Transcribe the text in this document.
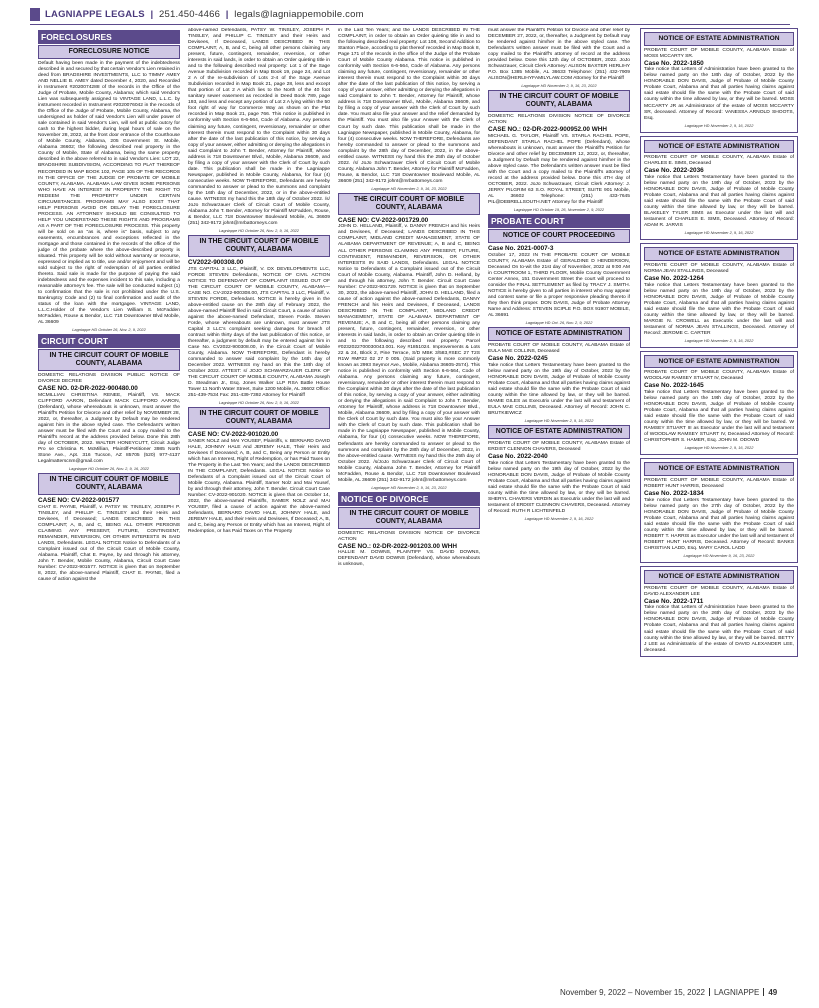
LAGNIAPPE LEGALS  |  251.450-4466  |  legals@lagniappemobile.com
FORECLOSURES
FORECLOSURE NOTICE
Default having been made in the payment of the indebtedness described in and secured by that certain Vendor's Lien retained in deed from BRADSHIRE INVESTMENTS, LLC to TIMMY AMEY AND NELLIE B. AMEY dated December 4, 2020, and Recorded in Instrument #2020074288 of the records in the Office of the Judge of Probate, Mobile County, Alabama; which said Vendor's Lien was subsequently assigned to VINTAGE LAND, L.L.C. by instrument recorded in Instrument #2020076042 in the records of the Office of the Judge of Probate, Mobile County, Alabama, the undersigned as holder of said Vendor's Lien will under power of sale contained in said Vendor's Lien, will sell at public outcry for cash to the highest bidder, during legal hours of sale on the November 28, 2022, at the front door entrance of the Courthouse of Mobile County, Alabama, 205 Government St. Mobile, Alabama 36602; the following described real property in the County of Mobile, State of Alabama, being the same property described in the above referred to in said Vendor's Lien: LOT 22, BRADSHIRE SUBDIVISION, ACCORDING TO PLAT THEREOF RECORDED IN MAP BOOK 102, PAGE 105 OF THE RECORDS IN THE OFFICE OF THE JUDGE OF PROBATE OF MOBILE COUNTY, ALABAMA. ALABAMA LAW GIVES SOME PERSONS WHO HAVE AN INTEREST IN PROPERTY THE RIGHT TO REDEEM THE PROPERTY UNDER CERTAIN CIRCUMSTANCES. PROGRAMS MAY ALSO EXIST THAT HELP PERSONS AVOID OR DELAY THE FORECLOSURE PROCESS. AN ATTORNEY SHOULD BE CONSULTED TO HELP YOU UNDERSTAND THESE RIGHTS AND PROGRAMS AS A PART OF THE FORECLOSURE PROCESS. This property will be sold on an "as is, where is" basis, subject to any easements, encumbrances and exceptions reflected in the mortgage and those contained in the records of the office of the judge of the probate where the above-described property is situated. This property will be sold without warranty or recourse, expressed or implied as to title, use and/or enjoyment and will be sold subject to the right of redemption of all parties entitled thereto. Said sale is made for the purpose of paying the said indebtedness and the expenses incident to this sale, including a reasonable attorney's fee. The sale will be conducted subject (1) to confirmation that the sale is not prohibited under the U.S. Bankruptcy Code and (2) to final confirmation and audit of the status of the loan with the mortgagee. VINTAGE LAND, L.L.C.Holder of the Vendor's Lien William S. McFadden McFadden, Rouse & Bendor, LLC 718 Downtowner Blvd Mobile, AL 36609
Lagniappe HD October 26, Nov. 2, 9, 2022
CIRCUIT COURT
IN THE CIRCUIT COURT OF MOBILE COUNTY, ALABAMA

DOMESTIC RELATIONS DIVISION PUBLIC NOTICE OF DIVORCE DECREE

CASE NO. 02-DR-2022-900480.00

MCMILLIAN CHRISTINA RENEE, Plaintiff, VS. MACK CLIFFORD AARON, Defendant MACK CLIFFORD AARON, (Defendant), whose whereabouts is unknown, must answer the Plaintiff's Petition for Divorce and other relief by NOVEMBER 28, 2022, or, thereafter, a Judgment by Default may be rendered against him in the above styled case. The Defendant's written answer must be filed with the Court and a copy mailed to the Plaintiff's record at the address provided below. Done this 28th day of OCTOBER, 2022. WALTER HONEYCUTT, Circuit Judge Pro se Christina R. McMillian, Plaintiff-Petitioner 3985 North Stone Ave., Apt. 316 Tucson, AZ 85705 (520) 977-4137 Legalmatterscnm@gmail.com

Lagniappe HD October 26, Nov. 2, 9, 16, 2022
IN THE CIRCUIT COURT OF MOBILE COUNTY, ALABAMA

CASE NO: CV-2022-901577

CHAT E. PAYNE, Plaintiff, v. PATSY W. TINSLEY, JOSEPH P. TINSLEY, and PHILLIP C. TINSLEY and their Heirs and Devisees, If Deceased; LANDS DESCRIBED IN THIS COMPLAINT; A, B, and C, BEING ALL OTHER PERSONS CLAIMING ANY PRESENT, FUTURE, CONTINGENT, REMAINDER, REVERSION, OR OTHER INTERESTS IN SAID LANDS, Defendants. LEGAL NOTICE Notice to Defendants of a Complaint issued out of the Circuit Court of Mobile County, Alabama. Plaintiff, Chat E. Payne, by and through his attorney, John T. Bender, Mobile County, Alabama, Circuit Court Case Number: CV-2022-901577. NOTICE is given that on September 8, 2022, the above-named Plaintiff, CHAT E. PAYNE, filed a cause of action against the

above-named Defendants, PATSY W. TINSLEY, JOSEPH P. TINSLEY, and PHILLIP C. TINSLEY and their Heirs and Devisees, If Deceased, LANDS DESCRIBED IN THIS COMPLAINT, A, B, and C, being all other persons claiming any present, future, contingent, remainder, reversion, or other interests in said lands, in order to obtain an Order quieting title in and to the following described real property: Lot 1 of the Sage Avenue Subdivision recorded in Map Book 19, page 24, and Lot 2 A of the re-subdivision of Lots 2-4 of the Sage Avenue Subdivision recorded in Map Book 21, page 28, less and except that portion of Lot 2 A which lies to the North of the 40 foot sanitary sewer easement as recorded in Deed Book 789, page 193, and less and except any portion of Lot 2 A lying within the 50 foot right of way for Commerce Way as shown on the Plat recorded in Map Book 21, page 766. This notice is published in conformity with Section 6-6-564, Code of Alabama. Any persons claiming any future, contingent, reversionary, remainder or other interest therein must respond to the Complaint within 30 days after the date of the last publication of this notice, by serving a copy of your answer, either admitting or denying the allegations in said Complaint to John T. Bender, Attorney for Plaintiff, whose address is 718 Downtowner Blvd., Mobile, Alabama 36609, and by filing a copy of your answer with the Clerk of Court by such date. This publication shall be made in the Lagniappe Newspaper, published in Mobile County, Alabama, for four (4) consecutive weeks. NOW THEREFORE, Defendants are hereby commanded to answer or plead to the summons and complaint by the 16th day of December, 2022, or in the above-entitled cause. WITNESS my hand this the 18th day of October 2022. /s/ JoJo Schwarzauer Clerk of Circuit Court of Mobile County, Alabama John T. Bender, Attorney for Plaintiff McFadden, Rouse, & Bendor, LLC 718 Downtowner Boulevard Mobile, AL 36609 (251) 342-9172 johnt@mrbattorneys.com
Lagniappe HD October 26, Nov. 2, 9, 16, 2022
IN THE CIRCUIT COURT OF MOBILE COUNTY, ALABAMA

CV2022-900308.00

JTS CAPITAL 3 LLC, Plaintiff, V. DX DEVELOPMENTS LLC, FORDE STEVEN Defendants, NOTICE OF CIVIL ACTION NOTICE TO DEFENDANT OF COMPLAINT ISSUED OUT OF THE CIRCUIT COURT OF MOBILE COUNTY, ALABAMA—CASE NO. CV-2022-900308.00, JTS CAPITAL 3 LLC, Plaintiff, v. STEVEN FORDE, Defendant. NOTICE is hereby given in the above-entitled cause on the 28th day of February 2022, the above-named Plaintiff filed in said Circuit Court, a cause of action against the above-named Defendant, Steven Forde. Steven Forde, whose whereabouts are unknown, must answer JTS Capital 3 LLC's complaint seeking damages for breach of contract within thirty days of the last publication of this notice, or thereafter, a judgment by default may be entered against him in Case No. CV2022-900308.00, in the Circuit Court of Mobile County, Alabama. NOW THEREFORE, Defendant is hereby commanded to answer said complaint by the 16th day of December 2022. WITNESS my hand on this the 18th day of October 2022. ATTEST: s/ JOJO SCHWARZAUER CLERK OF THE CIRCUIT COURT OF MOBILE COUNTY, ALABAMA Joseph D. Steadman Jr., Esq. Jones Walker LLP RSA Battle House Tower 11 North Water Street, Suite 1200 Mobile, AL 36602 Office: 251-439-7534 Fax: 251-439-7392 Attorney for Plaintiff

Lagniappe HD October 26, Nov. 2, 9, 16, 2022
IN THE CIRCUIT COURT OF MOBILE COUNTY, ALABAMA

CASE NO: CV-2022-901020.00

SANER NOLZ and MAI YOUSEF, Plaintiffs, v. BERNARD DAVID HALE, JOHNNY HALE And JEREMY HALE, Their Heirs and Devisees If Deceased; A, B, and C, Being any Person or Entity which has an Interest, Right of Redemption, or has Paid Taxes on The Property in the Last Ten Years; and the LANDS DESCRIBED IN THE COMPLAINT, Defendants. LEGAL NOTICE Notice to Defendants of a Complaint issued out of the Circuit Court of Mobile County, Alabama. Plaintiff, Samer Nolz and Mai Yousef, by and through their attorney, John T. Bender. Circuit Court Case Number: CV-2022-901020. NOTICE is given that on October 14, 2022, the above-named Plaintiffs, SAMER NOLZ and MAI YOUSEF, filed a cause of action against the above-named Defendants, BERNARD DAVID HALE, JOHNNY HALE, and JEREMY HALE, and their Heirs and Devisees, If Deceased; A, B, and C, being any Person or Entity which has an Interest, Right of Redemption, or has Paid Taxes on The Property

in the Last Ten Years; and the LANDS DESCRIBED IN THE COMPLAINT, in order to obtain an Order quieting title in and to the following described real property: Lot 108, Second Addition to Stanton Place, according to plat thereof recorded in Map Book 8, Page 171 of the records in the office of the Judge of the Probate Court of Mobile County Alabama. This notice is published in conformity with Section 6-6-564, Code of Alabama. Any persons claiming any future, contingent, reversionary, remainder or other interest therein must respond to the Complaint within 30 days after the date of the last publication of this notice, by serving a copy of your answer, either admitting or denying the allegations in said Complaint to John T. Bender, Attorney for Plaintiff, whose address is 718 Downtowner Blvd., Mobile, Alabama 36609, and by filing a copy of your answer with the Clerk of Court by such date. You must also file your answer and the relief demanded by the Plaintiff. You must also file your Answer with the Clerk of Court by such date. This publication shall be made in the Lagniappe Newspaper, published in Mobile County, Alabama, for four (4) consecutive weeks. NOW THEREFORE, Defendants are hereby commanded to answer or plead to the summons and complaint by the 28th day of December, 2022, in the above-entitled cause. WITNESS my hand this the 25th day of October 2022. /s/ JoJo Schwarzauer Clerk of Circuit Court of Mobile County, Alabama John T. Bender, Attorney for Plaintiff McFadden, Rouse, & Bendor, LLC 718 Downtowner Boulevard Mobile, AL 36609 (251) 342-9172 johnt@mrbattorneys.com
Lagniappe HD November 2, 9, 16, 23, 2022
THE CIRCUIT COURT OF MOBILE COUNTY, ALABAMA

CASE NO: CV-2022-901729.00

JOHN D. HELLAND, Plaintiff, v. DANNY FRENCH and his Heirs and Devisees, If Deceased; LANDS DESCRIBED IN THIS COMPLAINT, MIDLAND CREDIT MANAGEMENT, STATE OF ALABAMA DEPARTMENT OF REVENUE; A, B and C, BEING ALL OTHER PERSONS CLAIMING ANY PRESENT, FUTURE, CONTINGENT, REMAINDER, REVERSION, OR OTHER INTERESTS IN SAID LANDS, Defendants. LEGAL NOTICE Notice to Defendants of a Complaint issued out of the Circuit Court of Mobile County, Alabama. Plaintiff, John D. Helland, by and through his attorney, John T. Bender. Circuit Court Case Number: CV-2022-901729. NOTICE is given that on September 30, 2022, the above-named Plaintiff, JOHN D. HELLAND, filed a cause of action against the above-named Defendants, DANNY FRENCH and his Heirs and Devisees, If Deceased, LANDS DESCRIBED IN THE COMPLAINT, MIDLAND CREDIT MANAGEMENT, STATE OF ALABAMA DEPARTMENT OF REVENUE; A, B and C, being all other persons claiming any present, future, contingent, remainder, reversion, or other interests in said lands, in order to obtain an Order quieting title in and to the following described real property: Parcel #0232022700030043.001. Key #1851024. Improvements & Lots 22 & 24, Block 2, Pine Terrace, S/D MBK 3/583,#SEC 27 T2S R1W #MP22 02 27 0 005. (Said property is more commonly known as 2993 Seymor Ave., Mobile, Alabama 36605-2574). This notice is published in conformity with Section 6-6-564, Code of Alabama. Any persons claiming any future, contingent, reversionary, remainder or other interest therein must respond to the Complaint within 30 days after the date of the last publication of this notice, by serving a copy of your answer, either admitting or denying the allegations in said Complaint to John T. Bender, Attorney for Plaintiff, whose address is 718 Downtowner Blvd., Mobile, Alabama 36609, and by filing a copy of your answer with the Clerk of Court by such date. You must also file your Answer with the Clerk of Court by such date. This publication shall be made in the Lagniappe Newspaper, published in Mobile County, Alabama, for four (4) consecutive weeks. NOW THEREFORE, Defendants are hereby commanded to answer or plead to the summons and complaint by the 28th day of December, 2022, in the above-entitled cause. WITNESS my hand this the 25th day of October 2022. /s/JoJo Schwarzauer Clerk of Circuit Court of Mobile County, Alabama John T. Bender, Attorney for Plaintiff McFadden, Rouse & Bendor, LLC 718 Downtowner Boulevard Mobile, AL 36609 (251) 342-9172 johnt@mrbattorneys.com

Lagniappe HD November 2, 9, 16, 23, 2022
NOTICE OF DIVORCE
IN THE CIRCUIT COURT OF MOBILE COUNTY, ALABAMA

DOMESTIC RELATIONS DIVISION NOTICE OF DIVORCE ACTION

CASE NO.: 02-DR-2022-901203.00 WHH

HALLIE M. DOWNS, PLAINTIFF VS. DAVID DOWNS, DEFENDANT DAVID DOWNS (Defendant), whose whereabouts is unknown,

must answer the Plaintiff's Petition for Divorce and other relief by DECEMBER 27, 2022, or, thereafter, a Judgment by Default may be rendered against him/her in the above styled case. The Defendant's written answer must be filed with the Court and a copy mailed to the Plaintiff's attorney of record at the address provided below. Done this 12th day of OCTOBER, 2022. JoJo Schwarzauer, Circuit Clerk Attorney: ALISON BAXTER HERLIHY P.O. Box 1385 Mobile, AL 36633 Telephone: (251) 432-7909 ALISON@HERLIHYFAMILYLAW.COM Attorney for the Plaintiff
Lagniappe HD November 2, 9, 16, 23, 2022
IN THE CIRCUIT COURT OF MOBILE COUNTY, ALABAMA

DOMESTIC RELATIONS DIVISION NOTICE OF DIVORCE ACTION

CASE NO.: 02-DR-2022-900952.00 WHH

MICHAEL G. TAYLOR, Plaintiff VS. STARLA RACHEL POPE, DEFENDANT STARLA RACHEL POPE (Defendant), whose whereabouts is unknown, must answer the Plaintiff's Petition for Divorce and other relief by DECEMBER 12, 2022, or, thereafter, a Judgment by Default may be rendered against him/her in the above styled case. The Defendant's written answer must be filed with the Court and a copy mailed to the Plaintiff's attorney of record at the address provided below. Done this 4TH day of OCTOBER, 2022. JoJo Schwarzauer, Circuit Clerk Attorney: J. JERRY PILGRIM 63 S.O. ROYAL STREET, SUITE 901 Mobile, AL 36602 Telephone: (251) 433-7645 PIL@DEBRELLSOUTH.NET Attorney for the Plaintiff

Lagniappe HD October 19, 26, November 2, 9, 2022
PROBATE COURT
NOTICE OF COURT PROCEEDING

Case No. 2021-0007-3

October 17, 2022 IN THE PROBATE COURT OF MOBILE COUNTY, ALABAMA Estate of GERALDINE D HENDERSON, Deceased On to-wit the 21st day of November, 2022 at 9:00 AM in COURTROOM 1, THIRD FLOOR, Mobile County Government Center Annex, 151 Government Street the court will proceed to consider the FINAL SETTLEMENT as filed by TRACY J. SMITH. NOTICE is hereby given to all parties in interest who may appear and contest same or file a proper responsive pleading thereto if they then think proper. DON DAVIS, Judge of Probate Attorney Name and Address: STEVEN SCIPLE P.O. BOX 91907 MOBILE, AL 36691

Lagniappe HD Oct. 26, Nov. 2, 9, 2022
NOTICE OF ESTATE ADMINISTRATION

PROBATE COURT OF MOBILE COUNTY, ALABAMA Estate of EULA MAE COLLINS, Deceased

Case No. 2022-0245

Take notice that Letters Testamentary have been granted to the below named party on the 19th day of October, 2022 by the HONORABLE DON DAVIS, Judge of Probate of Mobile County Probate Court, Alabama and that all parties having claims against said estate should file the same with the Probate Court of said county within the time allowed by law, or they will be barred. MAMIE GILES as Executrix under the last will and testament of EULA MAE COLLINS, Deceased. Attorney of Record: JOHN C. BRUTKIEWICZ

Lagniappe HD November 2, 9, 16, 2022
NOTICE OF ESTATE ADMINISTRATION

PROBATE COURT OF MOBILE COUNTY, ALABAMA Estate of ERDIST CLENNON CHAVERS, Deceased

Case No. 2022-2040

Take notice that Letters Testamentary have been granted to the below named party on the 19th day of October, 2022 by the HONORABLE DON DAVIS, Judge of Probate of Mobile County Probate Court, Alabama and that all parties having claims against said estate should file the same with the Probate Court of said county within the time allowed by law, or they will be barred. SHERYL CHAVERS VERDIN as Executrix under the last will and testament of ERDIST CLENNON CHAVERS, Deceased. Attorney of Record: RUTH R LICHTENFELD

Lagniappe HD November 2, 9, 16, 2022
NOTICE OF ESTATE ADMINISTRATION

PROBATE COURT OF MOBILE COUNTY, ALABAMA Estate of MOSS MCCARTY SR.

Case No. 2022-1850

Take notice that Letters of Administration have been granted to the below named party on the 18th day of October, 2022 by the HONORABLE DON DAVIS, Judge of Probate of Mobile County Probate Court, Alabama and that all parties having claims against said estate should file the same with the Probate Court of said county within the time allowed by law, or they will be barred. MOSS MCCARTY JR as Administrator of the estate of MOSS MCCARTY SR, deceased. Attorney of Record: VANESSA ARNOLD SHOOTS, Esq.

Lagniappe HD November 2, 9, 16, 2022
NOTICE OF ESTATE ADMINISTRATION

PROBATE COURT OF MOBILE COUNTY, ALABAMA Estate of CHARLES E. SIMS, Deceased

Case No. 2022-2036

Take notice that Letters Testamentary have been granted to the below named party on the 19th day of October, 2022 by the HONORABLE DON DAVIS, Judge of Probate of Mobile County Probate Court, Alabama and that all parties having claims against said estate should file the same with the Probate Court of said county within the time allowed by law, or they will be barred. BLAKELEY TYLER SIMS as Executor under the last will and testament of CHARLES E. SIMS, Deceased. Attorney of Record: ADAM R. JARVIS

Lagniappe HD November 2, 9, 16, 2022
NOTICE OF ESTATE ADMINISTRATION

PROBATE COURT OF MOBILE COUNTY, ALABAMA Estate of NORMA JEAN STALLINGS, Deceased

Case No. 2022-1264

Take notice that Letters Testamentary have been granted to the below named party on the 19th day of October, 2022 by the HONORABLE DON DAVIS, Judge of Probate of Mobile County Probate Court, Alabama and that all parties having claims against said estate should file the same with the Probate Court of said county within the time allowed by law, or they will be barred. MARGIE N. CROWELL as Executrix under the last will and testament of NORMA JEAN STALLINGS, Deceased. Attorney of Record: JEROME C. CARTER

Lagniappe HD November 2, 9, 16, 2022
NOTICE OF ESTATE ADMINISTRATION

PROBATE COURT OF MOBILE COUNTY, ALABAMA Estate of WOODLAW RAMSEY STUART IV, Deceased

Case No. 2022-1645

Take notice that Letters Testamentary have been granted to the below named party on the 19th day of October, 2022 by the HONORABLE DON DAVIS, Judge of Probate of Mobile County Probate Court, Alabama and that all parties having claims against said estate should file the same with the Probate Court of said county within the time allowed by law, or they will be barred. W RAMSEY STUART III as Executor under the last will and testament of WOODLAW RAMSEY STUART IV, Deceased Attorney of Record: CHRISTOPHER S. HAMER, Esq. JOHN M. ODOWD

Lagniappe HD November 2, 9, 16, 2022
NOTICE OF ESTATE ADMINISTRATION

PROBATE COURT OF MOBILE COUNTY, ALABAMA Estate of ROBERT HUNT HARRIS, Deceased

Case No. 2022-1834

Take notice that Letters Testamentary have been granted to the below named party on the 27th day of October, 2022 by the HONORABLE DON DAVIS, Judge of Probate of Mobile County Probate Court, Alabama and that all parties having claims against said estate should file the same with the Probate Court of said county within the time allowed by law, or they will be barred. ROBERT T. HARRIS as Executor under the last will and testament of ROBERT HUNT HARRIS, Deceased. Attorney of Record: BANKS CHRISTIAN LADD, Esq. MARY CAROL LADD

Lagniappe HD November 9, 16, 23, 2022
NOTICE OF ESTATE ADMINISTRATION

PROBATE COURT OF MOBILE COUNTY, ALABAMA Estate of DAVID ALEXANDER LEE

Case No. 2022-1711

Take notice that Letters of Administration have been granted to the below named party on the 26th day of October, 2022 by the HONORABLE DON DAVIS, Judge of Probate of Mobile County Probate Court, Alabama and that all parties having claims against said estate should file the same with the Probate Court of said county within the time allowed by law, or they will be barred. BETTY J LEE as Administratrix of the estate of DAVID ALEXANDER LEE, deceased.

November 9, 2022 – November 15, 2022 LAGNIAPPE 49
